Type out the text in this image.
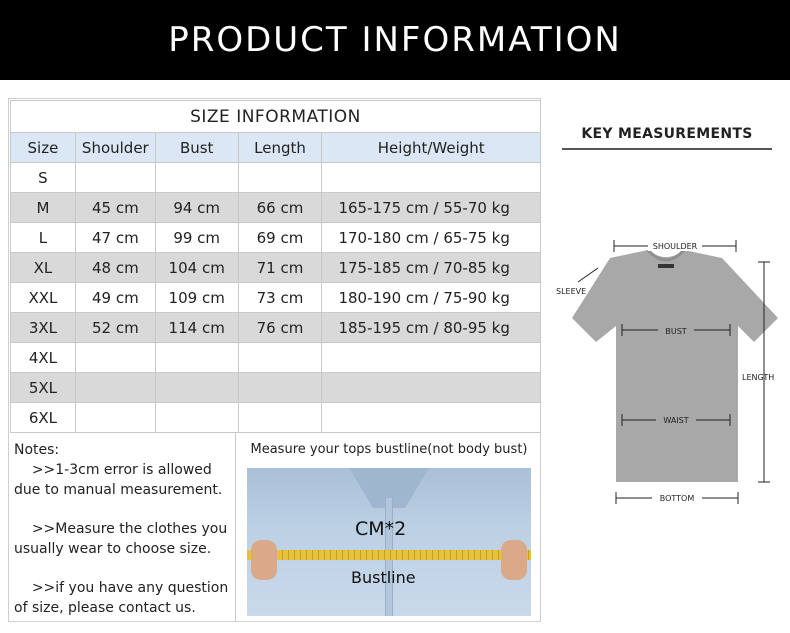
PRODUCT INFORMATION
SIZE INFORMATION				
Size	Shoulder	Bust	Length	Height/Weight
S				
M	45 cm	94 cm	66 cm	165-175 cm / 55-70 kg
L	47 cm	99 cm	69 cm	170-180 cm / 65-75 kg
XL	48 cm	104 cm	71 cm	175-185 cm / 70-85 kg
XXL	49 cm	109 cm	73 cm	180-190 cm / 75-90 kg
3XL	52 cm	114 cm	76 cm	185-195 cm / 80-95 kg
4XL				
5XL				
6XL				

Notes:

>>1-3cm error is allowed due to manual measurement.

>>Measure the clothes you usually wear to choose size.

>>if you have any question of size, please contact us.

Measure your tops bustline(not body bust)
CM*2
Bustline
KEY MEASUREMENTS
SHOULDER
SLEEVE
BUST
WAIST
LENGTH
BOTTOM
